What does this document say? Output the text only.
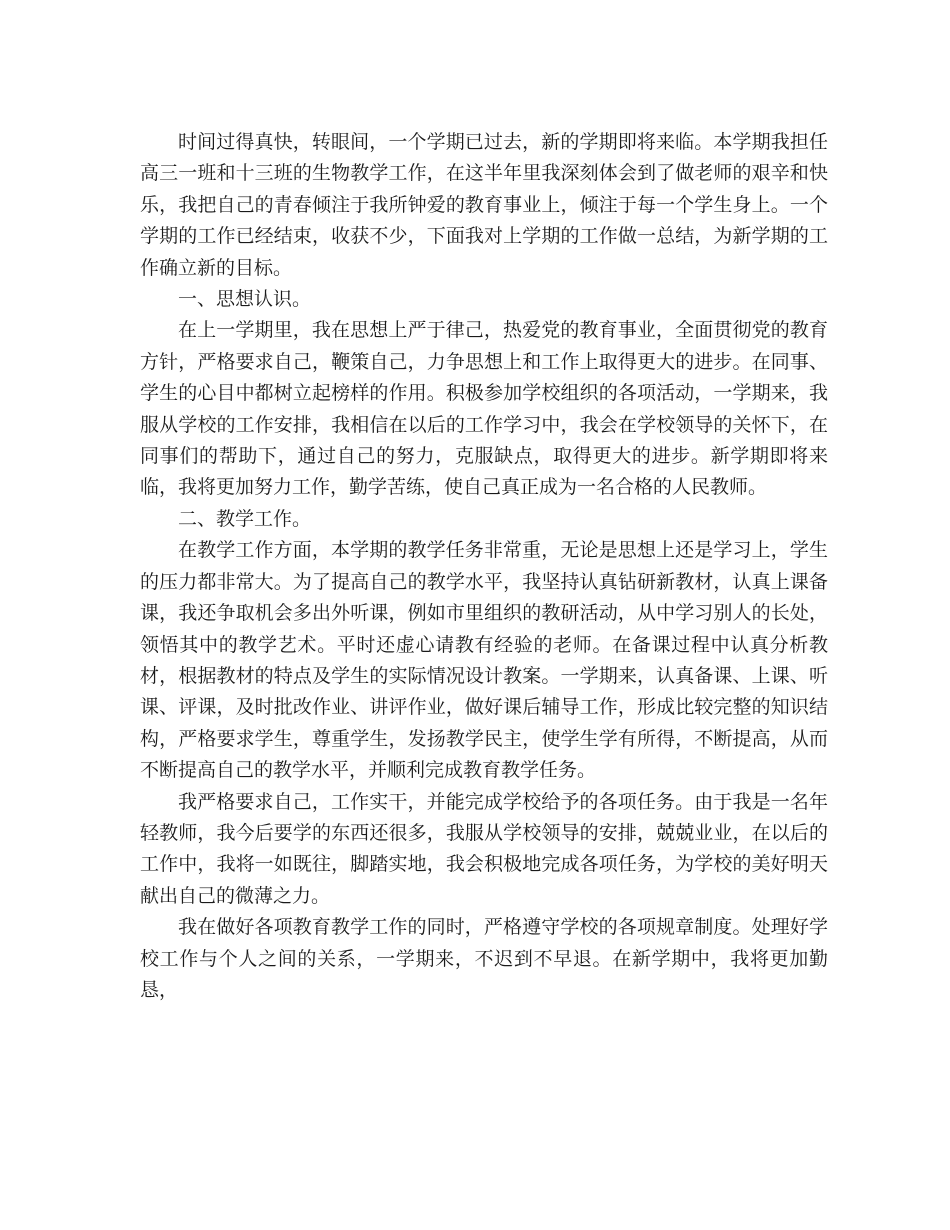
时间过得真快，转眼间，一个学期已过去，新的学期即将来临。本学期我担任高三一班和十三班的生物教学工作，在这半年里我深刻体会到了做老师的艰辛和快乐，我把自己的青春倾注于我所钟爱的教育事业上，倾注于每一个学生身上。一个学期的工作已经结束，收获不少，下面我对上学期的工作做一总结，为新学期的工作确立新的目标。

一、思想认识。

在上一学期里，我在思想上严于律己，热爱党的教育事业，全面贯彻党的教育方针，严格要求自己，鞭策自己，力争思想上和工作上取得更大的进步。在同事、学生的心目中都树立起榜样的作用。积极参加学校组织的各项活动，一学期来，我服从学校的工作安排，我相信在以后的工作学习中，我会在学校领导的关怀下，在同事们的帮助下，通过自己的努力，克服缺点，取得更大的进步。新学期即将来临，我将更加努力工作，勤学苦练，使自己真正成为一名合格的人民教师。

二、教学工作。

在教学工作方面，本学期的教学任务非常重，无论是思想上还是学习上，学生的压力都非常大。为了提高自己的教学水平，我坚持认真钻研新教材，认真上课备课，我还争取机会多出外听课，例如市里组织的教研活动，从中学习别人的长处，领悟其中的教学艺术。平时还虚心请教有经验的老师。在备课过程中认真分析教材，根据教材的特点及学生的实际情况设计教案。一学期来，认真备课、上课、听课、评课，及时批改作业、讲评作业，做好课后辅导工作，形成比较完整的知识结构，严格要求学生，尊重学生，发扬教学民主，使学生学有所得，不断提高，从而不断提高自己的教学水平，并顺利完成教育教学任务。

我严格要求自己，工作实干，并能完成学校给予的各项任务。由于我是一名年轻教师，我今后要学的东西还很多，我服从学校领导的安排，兢兢业业，在以后的工作中，我将一如既往，脚踏实地，我会积极地完成各项任务，为学校的美好明天献出自己的微薄之力。

我在做好各项教育教学工作的同时，严格遵守学校的各项规章制度。处理好学校工作与个人之间的关系，一学期来，不迟到不早退。在新学期中，我将更加勤恳，
